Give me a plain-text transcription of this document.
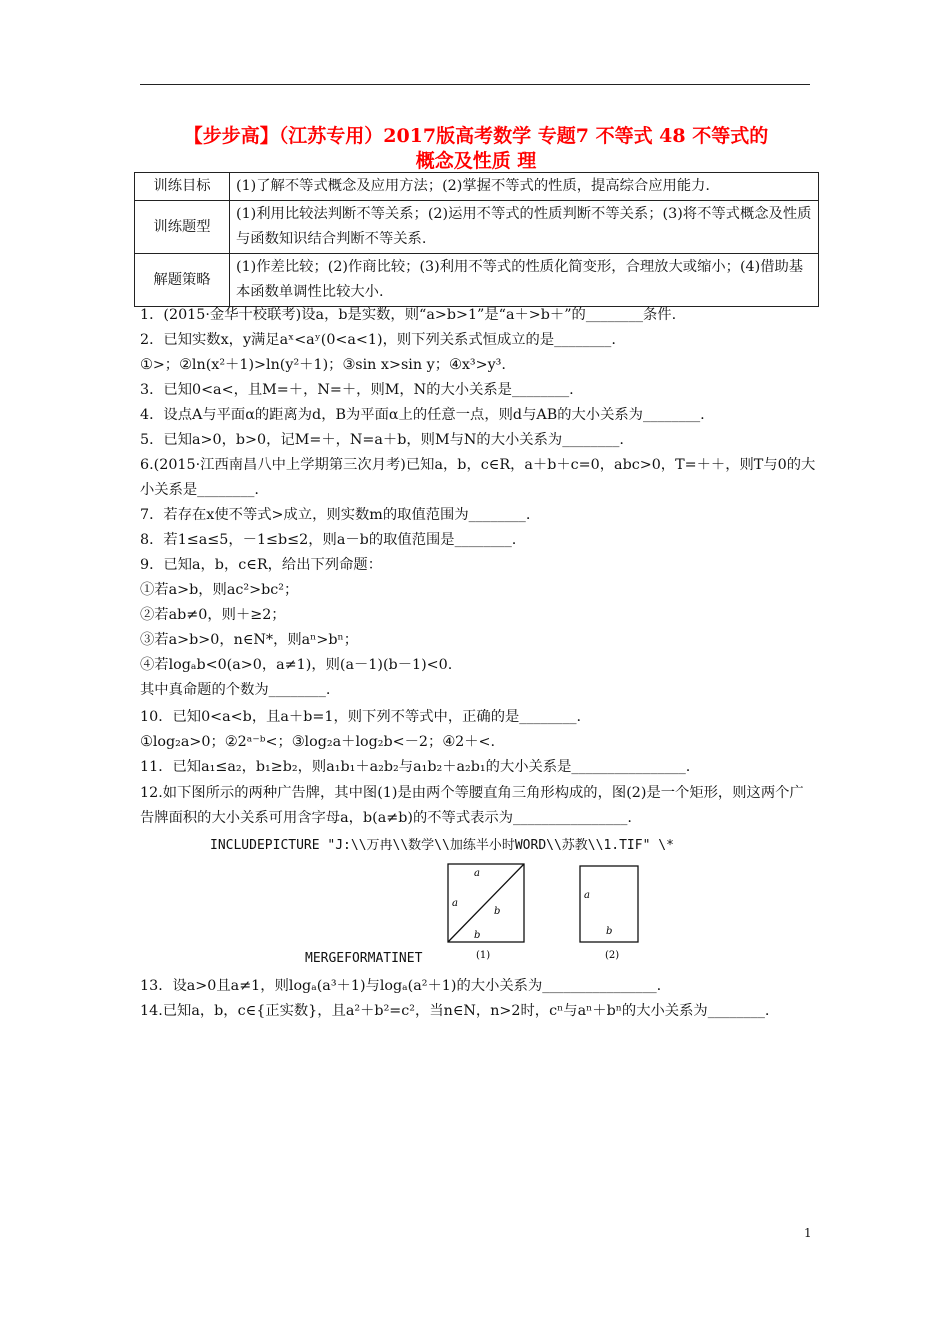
【步步高】（江苏专用）2017版高考数学 专题7 不等式 48 不等式的
概念及性质 理
训练目标	(1)了解不等式概念及应用方法；(2)掌握不等式的性质，提高综合应用能力.
训练题型	(1)利用比较法判断不等关系；(2)运用不等式的性质判断不等关系；(3)将不等式概念及性质与函数知识结合判断不等关系.
解题策略	(1)作差比较；(2)作商比较；(3)利用不等式的性质化简变形，合理放大或缩小；(4)借助基本函数单调性比较大小.
1．(2015·金华十校联考)设a，b是实数，则“a>b>1”是“a＋>b＋”的________条件.
2．已知实数x，y满足aˣ<aʸ(0<a<1)，则下列关系式恒成立的是________.
①>；②ln(x²＋1)>ln(y²＋1)；③sin x>sin y；④x³>y³.
3．已知0<a<，且M=＋，N=＋，则M，N的大小关系是________.
4．设点A与平面α的距离为d，B为平面α上的任意一点，则d与AB的大小关系为________.
5．已知a>0，b>0，记M=＋，N=a＋b，则M与N的大小关系为________.
6.(2015·江西南昌八中上学期第三次月考)已知a，b，c∈R，a＋b＋c=0，abc>0，T=＋＋，则T与0的大小关系是________.
7．若存在x使不等式>成立，则实数m的取值范围为________.
8．若1≤a≤5，－1≤b≤2，则a－b的取值范围是________.
9．已知a，b，c∈R，给出下列命题：
①若a>b，则ac²>bc²；
②若ab≠0，则＋≥2；
③若a>b>0，n∈N*，则aⁿ>bⁿ；
④若logₐb<0(a>0，a≠1)，则(a－1)(b－1)<0.
其中真命题的个数为________.
10．已知0<a<b，且a＋b=1，则下列不等式中，正确的是________.
①log₂a>0；②2ᵃ⁻ᵇ<；③log₂a＋log₂b<－2；④2＋<.
11．已知a₁≤a₂，b₁≥b₂，则a₁b₁＋a₂b₂与a₁b₂＋a₂b₁的大小关系是________________.
12.如下图所示的两种广告牌，其中图(1)是由两个等腰直角三角形构成的，图(2)是一个矩形，则这两个广告牌面积的大小关系可用含字母a，b(a≠b)的不等式表示为________________.
INCLUDEPICTURE "J:\\万冉\\数学\\加练半小时WORD\\苏教\\1.TIF" \*
a
a
b
b
(1)
a
b
(2)
MERGEFORMATINET
13．设a>0且a≠1，则logₐ(a³＋1)与logₐ(a²＋1)的大小关系为________________.
14.已知a，b，c∈{正实数}，且a²＋b²=c²，当n∈N，n>2时，cⁿ与aⁿ＋bⁿ的大小关系为________.
1
